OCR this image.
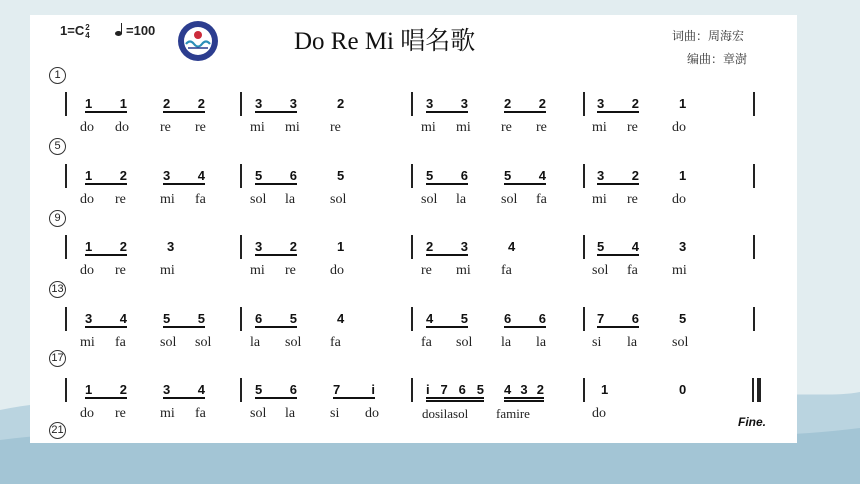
1=C2
4	=100	Do Re Mi 唱名歌	词曲：周海宏
编曲：章澍
1
5
9
13
17
21
1 1	2 2
do do re re
3 3	2
mi mi re
3 3	2 2
mi mi re re
3 2	1
mi re do
1 2	3 4
do re mi fa
5 6	5
sol la sol
5 6	5 4
sol la sol fa
3 2	1
mi re do
1 2	3
do re mi
3 2	1
mi re do
2 3	4
re mi fa
5 4	3
sol fa mi
3 4	5 5
mi fa sol sol
6 5	4
la sol fa
4 5	6 6
fa sol la la
7 6	5
si la sol
1 2	3 4
do re mi fa
5 6	7 i
sol la si do
i 7 6 5 4 3 2
dosilasol famire
1	0
do
Fine.
